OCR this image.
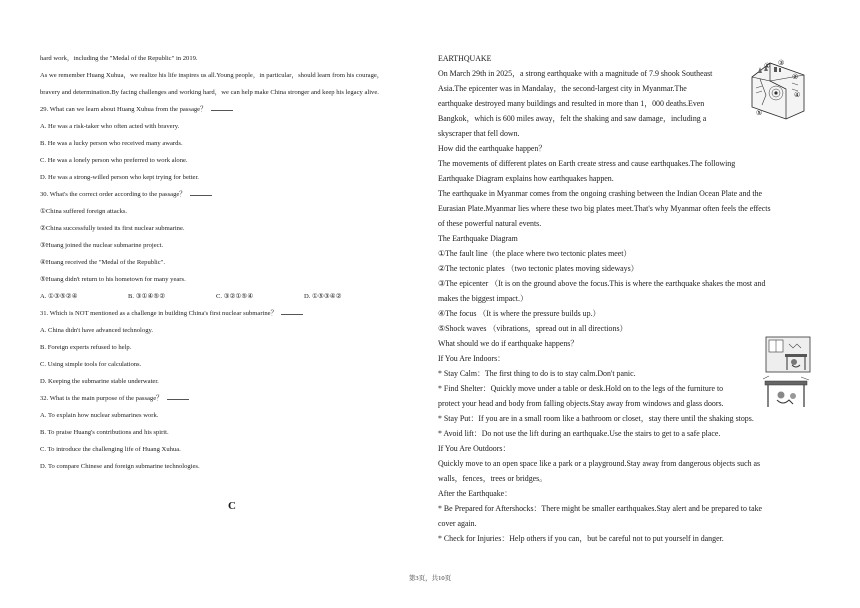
hard work，including the "Medal of the Republic" in 2019.
As we remember Huang Xuhua，we realize his life inspires us all.Young people，in particular，should learn from his courage，
bravery and determination.By facing challenges and working hard，we can help make China stronger and keep his legacy alive.
29. What can we learn about Huang Xuhua from the passage？
A. He was a risk-taker who often acted with bravery.
B. He was a lucky person who received many awards.
C. He was a lonely person who preferred to work alone.
D. He was a strong-willed person who kept trying for better.
30. What's the correct order according to the passage？
①China suffered foreign attacks.
②China successfully tested its first nuclear submarine.
③Huang joined the nuclear submarine project.
④Huang received the "Medal of the Republic".
⑤Huang didn't return to his hometown for many years.
A. ①③⑤②④	B. ③①④⑤②	C. ③②①⑤④	D. ①⑤③④②
31. Which is NOT mentioned as a challenge in building China's first nuclear submarine？
A. China didn't have advanced technology.
B. Foreign experts refused to help.
C. Using simple tools for calculations.
D. Keeping the submarine stable underwater.
32. What is the main purpose of the passage？
A. To explain how nuclear submarines work.
B. To praise Huang's contributions and his spirit.
C. To introduce the challenging life of Huang Xuhua.
D. To compare Chinese and foreign submarine technologies.
C
EARTHQUAKE
On March 29th in 2025，a strong earthquake with a magnitude of 7.9 shook Southeast
Asia.The epicenter was in Mandalay，the second-largest city in Myanmar.The
earthquake destroyed many buildings and resulted in more than 1，000 deaths.Even
Bangkok，which is 600 miles away，felt the shaking and saw damage，including a
skyscraper that fell down.
How did the earthquake happen？
The movements of different plates on Earth create stress and cause earthquakes.The following
Earthquake Diagram explains how earthquakes happen.
The earthquake in Myanmar comes from the ongoing crashing between the Indian Ocean Plate and the
Eurasian Plate.Myanmar lies where these two big plates meet.That's why Myanmar often feels the effects
of these powerful natural events.
The Earthquake Diagram
①The fault line（the place where two tectonic plates meet）
②The tectonic plates （two tectonic plates moving sideways）
③The epicenter （It is on the ground above the focus.This is where the earthquake shakes the most and
makes the biggest impact.）
④The focus （It is where the pressure builds up.）
⑤Shock waves （vibrations，spread out in all directions）
What should we do if earthquake happens？
If You Are Indoors：
* Stay Calm：The first thing to do is to stay calm.Don't panic.
* Find Shelter：Quickly move under a table or desk.Hold on to the legs of the furniture to
protect your head and body from falling objects.Stay away from windows and glass doors.
* Stay Put：If you are in a small room like a bathroom or closet，stay there until the shaking stops.
* Avoid lift：Do not use the lift during an earthquake.Use the stairs to get to a safe place.
If You Are Outdoors：
Quickly move to an open space like a park or a playground.Stay away from dangerous objects such as
walls，fences，trees or bridges。
After the Earthquake：
* Be Prepared for Aftershocks：There might be smaller earthquakes.Stay alert and be prepared to take
cover again.
* Check for Injuries：Help others if you can，but be careful not to put yourself in danger.
①
②
③
④
⑤
第3页，共10页
